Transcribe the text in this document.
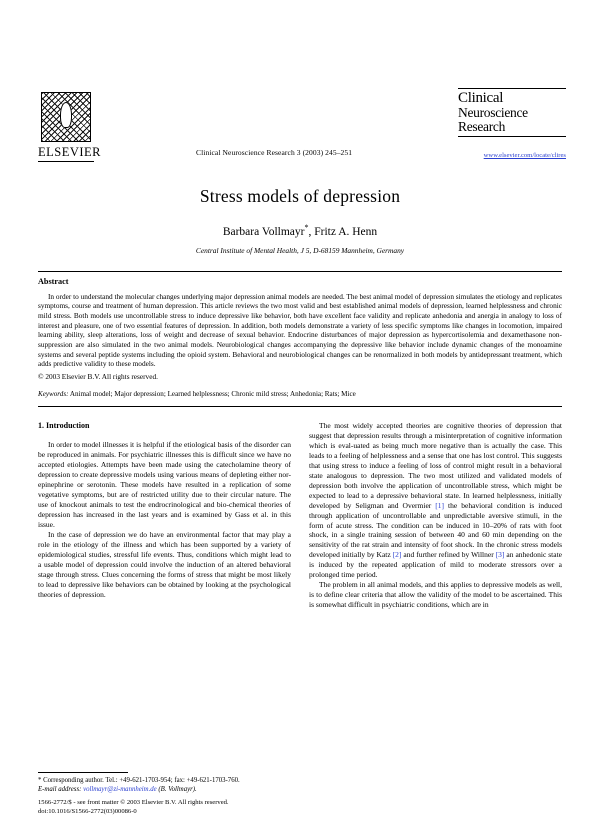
ELSEVIER	Clinical Neuroscience Research 3 (2003) 245–251
Clinical
Neuroscience
Research
www.elsevier.com/locate/clires
Stress models of depression
Barbara Vollmayr*, Fritz A. Henn
Central Institute of Mental Health, J 5, D-68159 Mannheim, Germany
Abstract
In order to understand the molecular changes underlying major depression animal models are needed. The best animal model of depression simulates the etiology and replicates symptoms, course and treatment of human depression. This article reviews the two most valid and best established animal models of depression, learned helplessness and chronic mild stress. Both models use uncontrollable stress to induce depressive like behavior, both have excellent face validity and replicate anhedonia and anergia in analogy to loss of interest and pleasure, one of two essential features of depression. In addition, both models demonstrate a variety of less specific symptoms like changes in locomotion, impaired learning ability, sleep alterations, loss of weight and decrease of sexual behavior. Endocrine disturbances of major depression as hypercortisolemia and dexamethasone non-suppression are also simulated in the two animal models. Neurobiological changes accompanying the depressive like behavior include dynamic changes of the monoamine systems and several peptide systems including the opioid system. Behavioral and neurobiological changes can be renormalized in both models by antidepressant treatment, which adds predictive validity to these models.
© 2003 Elsevier B.V. All rights reserved.
Keywords: Animal model; Major depression; Learned helplessness; Chronic mild stress; Anhedonia; Rats; Mice
1. Introduction

In order to model illnesses it is helpful if the etiological basis of the disorder can be reproduced in animals. For psychiatric illnesses this is difficult since we have no accepted etiologies. Attempts have been made using the catecholamine theory of depression to create depressive models using various means of depleting either nor-epinephrine or serotonin. These models have resulted in a replication of some vegetative symptoms, but are of restricted utility due to their circular nature. The use of knockout animals to test the endrocrinological and bio-chemical theories of depression has increased in the last years and is examined by Gass et al. in this issue.

In the case of depression we do have an environmental factor that may play a role in the etiology of the illness and which has been supported by a variety of epidemiological studies, stressful life events. Thus, conditions which might lead to a usable model of depression could involve the induction of an altered behavioral stage through stress. Clues concerning the forms of stress that might be most likely to lead to depressive like behaviors can be obtained by looking at the psychological theories of depression.

The most widely accepted theories are cognitive theories of depression that suggest that depression results through a misinterpretation of cognitive information which is eval-uated as being much more negative than is actually the case. This leads to a feeling of helplessness and a sense that one has lost control. This suggests that using stress to induce a feeling of loss of control might result in a behavioral state analogous to depression. The two most utilized and validated models of depression both involve the application of uncontrollable stress, which might be expected to lead to a depressive behavioral state. In learned helplessness, initially developed by Seligman and Overmier [1] the behavioral condition is induced through application of uncontrollable and unpredictable aversive stimuli, in the form of acute stress. The condition can be induced in 10–20% of rats with foot shock, in a single training session of between 40 and 60 min depending on the sensitivity of the rat strain and intensity of foot shock. In the chronic stress models developed initially by Katz [2] and further refined by Willner [3] an anhedonic state is induced by the repeated application of mild to moderate stressors over a prolonged time period.

The problem in all animal models, and this applies to depressive models as well, is to define clear criteria that allow the validity of the model to be ascertained. This is somewhat difficult in psychiatric conditions, which are in

* Corresponding author. Tel.: +49-621-1703-954; fax: +49-621-1703-760.
E-mail address: vollmayr@zi-mannheim.de (B. Vollmayr).
1566-2772/$ - see front matter © 2003 Elsevier B.V. All rights reserved.
doi:10.1016/S1566-2772(03)00086-0
